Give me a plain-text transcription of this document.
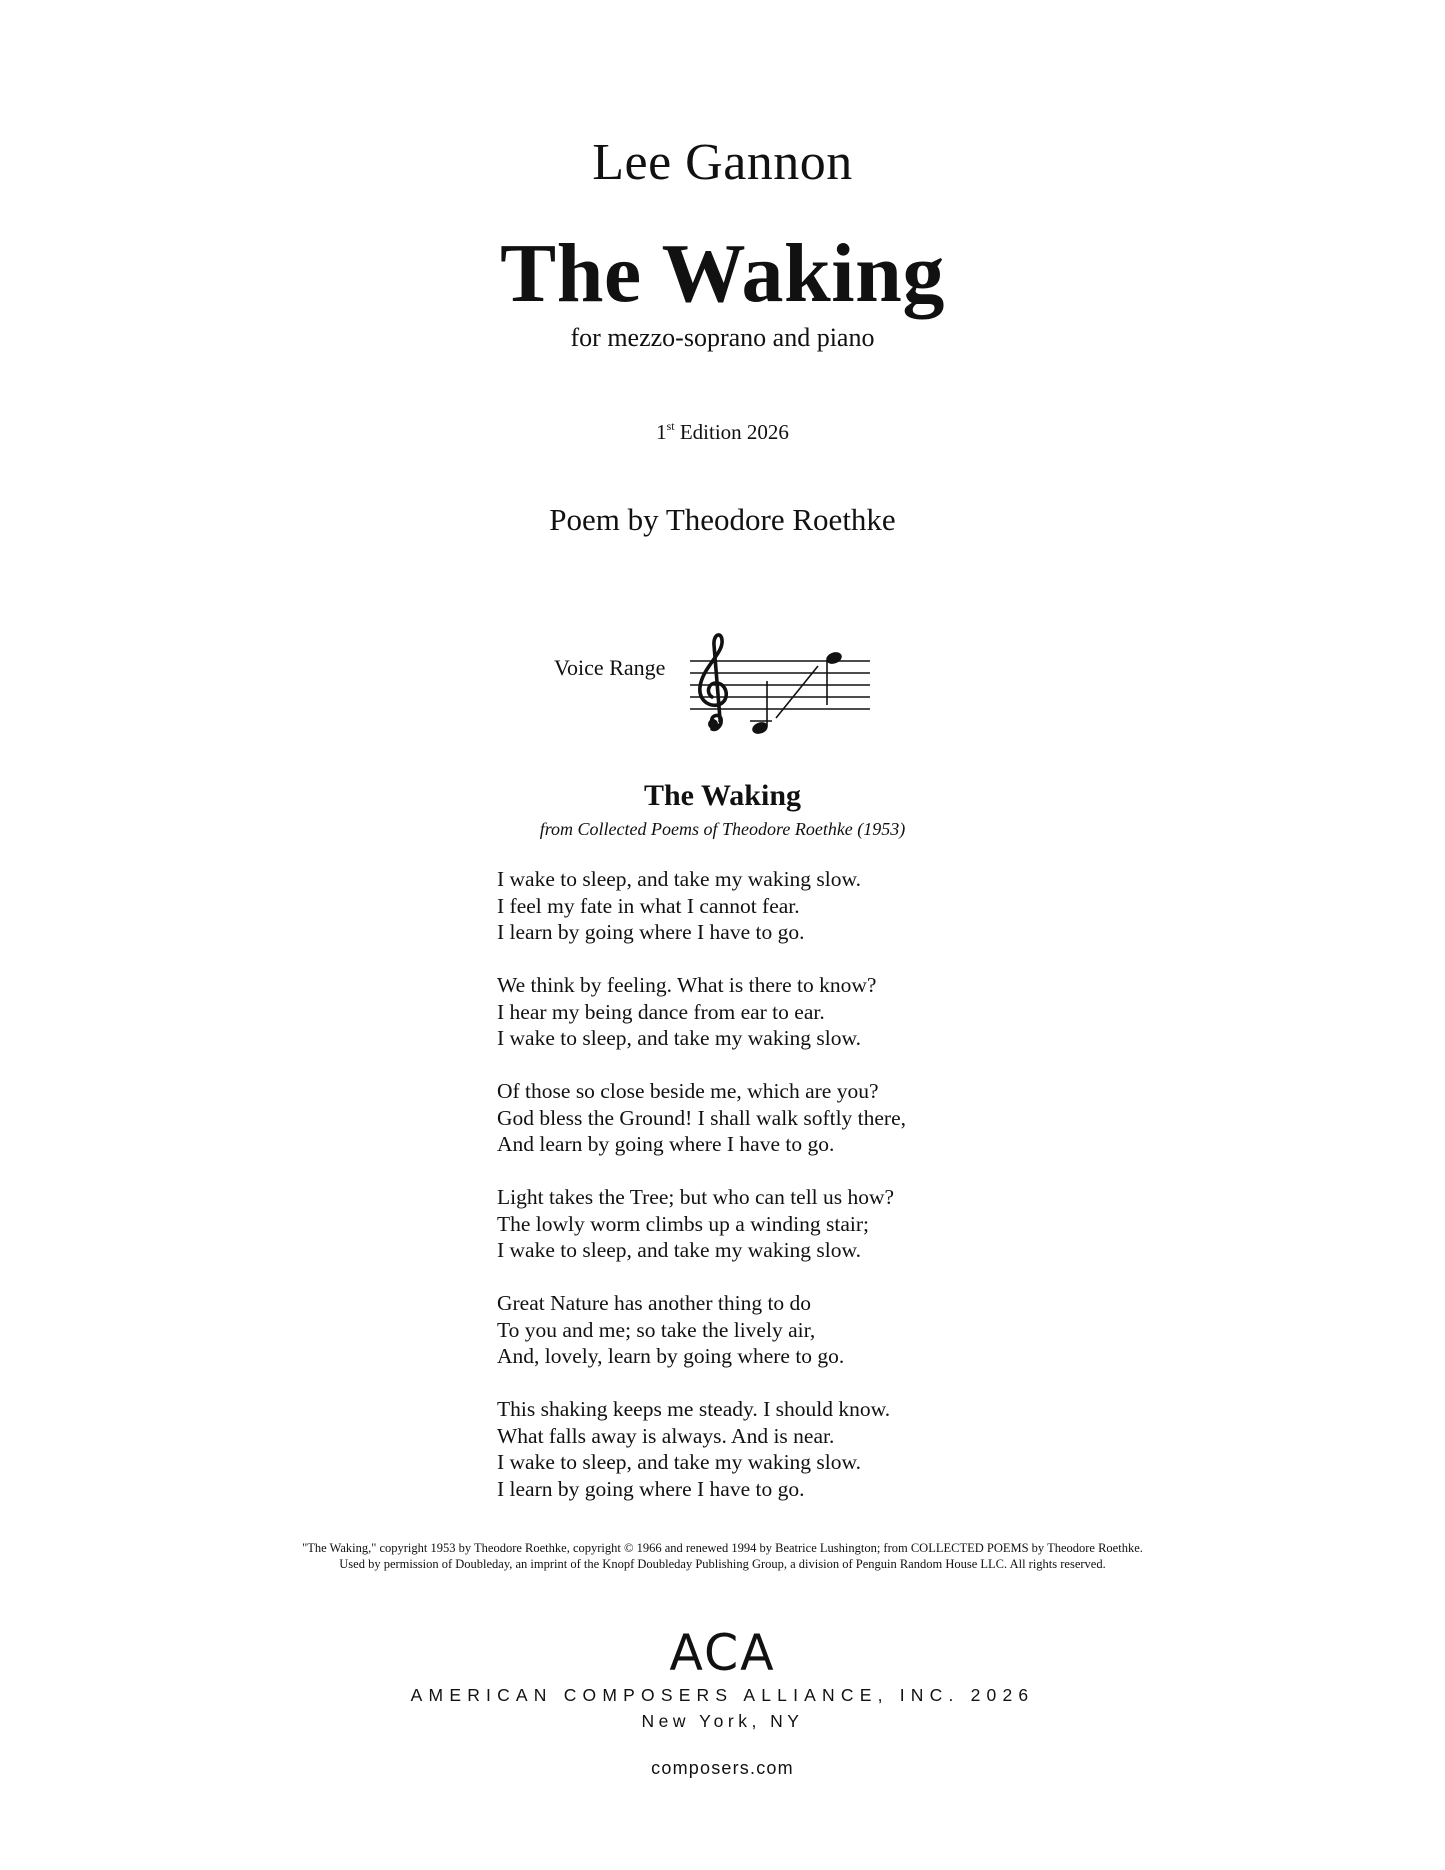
Lee Gannon
The Waking
for mezzo-soprano and piano
1st Edition 2026
Poem by Theodore Roethke
Voice Range
The Waking
from Collected Poems of Theodore Roethke (1953)
I wake to sleep, and take my waking slow.
I feel my fate in what I cannot fear.
I learn by going where I have to go.
We think by feeling. What is there to know?
I hear my being dance from ear to ear.
I wake to sleep, and take my waking slow.
Of those so close beside me, which are you?
God bless the Ground! I shall walk softly there,
And learn by going where I have to go.
Light takes the Tree; but who can tell us how?
The lowly worm climbs up a winding stair;
I wake to sleep, and take my waking slow.
Great Nature has another thing to do
To you and me; so take the lively air,
And, lovely, learn by going where to go.
This shaking keeps me steady. I should know.
What falls away is always. And is near.
I wake to sleep, and take my waking slow.
I learn by going where I have to go.
"The Waking," copyright 1953 by Theodore Roethke, copyright © 1966 and renewed 1994 by Beatrice Lushington; from COLLECTED POEMS by Theodore Roethke.
Used by permission of Doubleday, an imprint of the Knopf Doubleday Publishing Group, a division of Penguin Random House LLC. All rights reserved.
ACA
AMERICAN COMPOSERS ALLIANCE, INC. 2026
New York, NY
composers.com
